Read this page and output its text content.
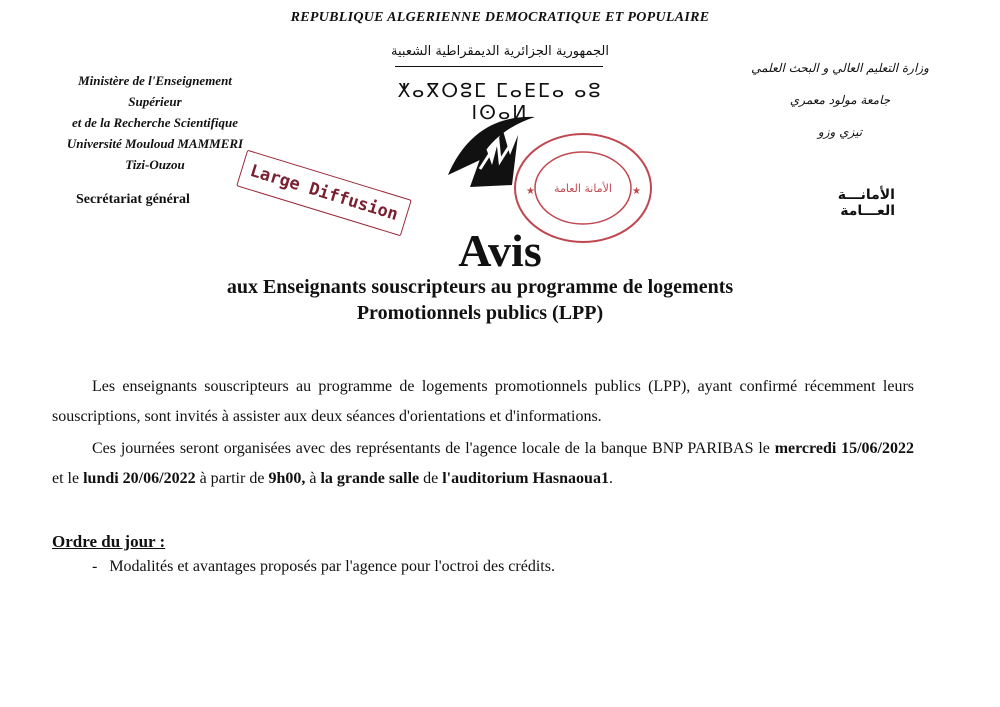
REPUBLIQUE ALGERIENNE DEMOCRATIQUE ET POPULAIRE
الجمهورية الجزائرية الديمقراطية الشعبية
ⵅⴰⴳⵔⵓⵎ ⵎⴰⴹⵎⴰ ⴰⵓ ⵏⵙⴰⵍ
Ministère de l'Enseignement
Supérieur
et de la Recherche Scientifique
Université Mouloud MAMMERI
Tizi-Ouzou
Secrétariat général
وزارة التعليم العالي و البحث العلمي
جامعة مولود معمري
تيزي وزو
الأمانـــة العـــامة
Large Diffusion	★	★
الأمانة العامة
Avis
aux Enseignants souscripteurs au programme de logements
Promotionnels publics (LPP)
Les enseignants souscripteurs au programme de logements promotionnels publics (LPP), ayant confirmé récemment leurs souscriptions, sont invités à assister aux deux séances d'orientations et d'informations.
Ces journées seront organisées avec des représentants de l'agence locale de la banque BNP PARIBAS le mercredi 15/06/2022 et le lundi 20/06/2022 à partir de 9h00, à la grande salle de l'auditorium Hasnaoua1.
Ordre du jour :
-   Modalités et avantages proposés par l'agence pour l'octroi des crédits.
